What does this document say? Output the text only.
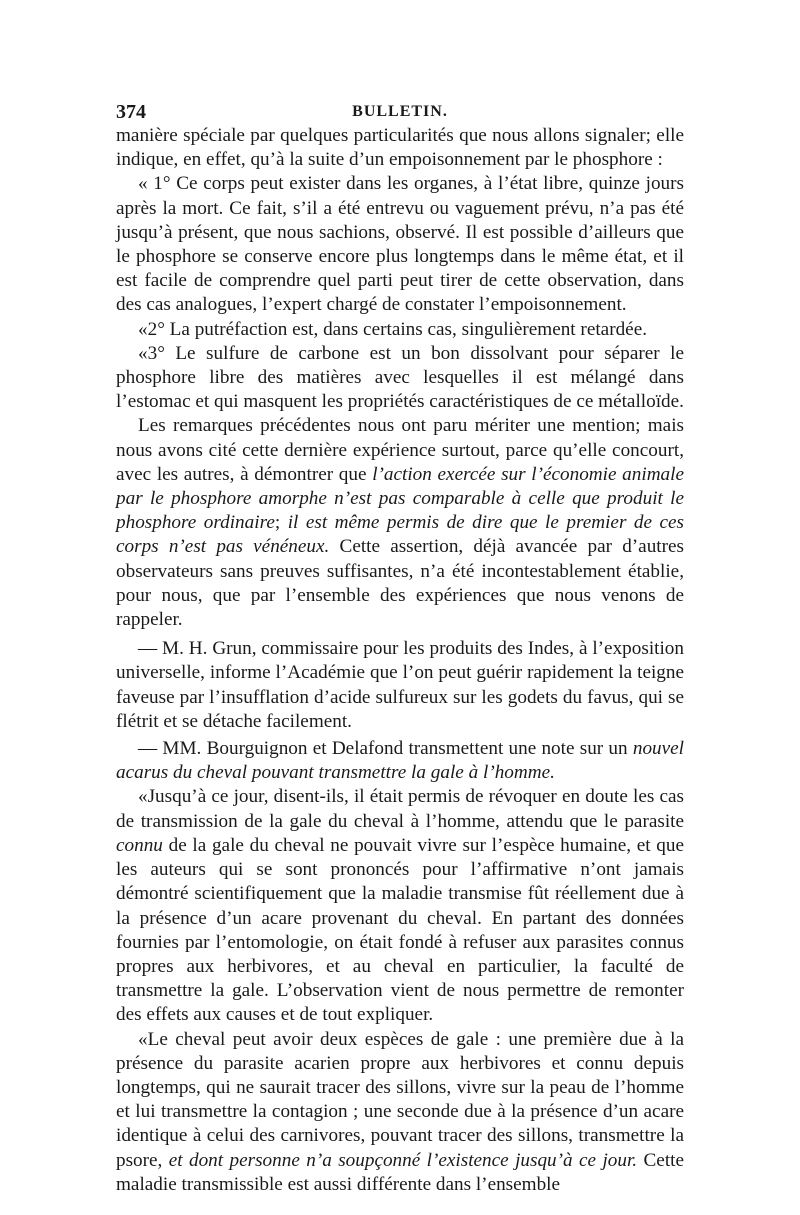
374	BULLETIN.

manière spéciale par quelques particularités que nous allons signaler; elle indique, en effet, qu’à la suite d’un empoisonnement par le phosphore :

« 1° Ce corps peut exister dans les organes, à l’état libre, quinze jours après la mort. Ce fait, s’il a été entrevu ou vaguement prévu, n’a pas été jusqu’à présent, que nous sachions, observé. Il est possible d’ailleurs que le phosphore se conserve encore plus longtemps dans le même état, et il est facile de comprendre quel parti peut tirer de cette observation, dans des cas analogues, l’expert chargé de constater l’empoisonnement.

«2° La putréfaction est, dans certains cas, singulièrement retardée.

«3° Le sulfure de carbone est un bon dissolvant pour séparer le phosphore libre des matières avec lesquelles il est mélangé dans l’estomac et qui masquent les propriétés caractéristiques de ce métalloïde.

Les remarques précédentes nous ont paru mériter une mention; mais nous avons cité cette dernière expérience surtout, parce qu’elle concourt, avec les autres, à démontrer que l’action exercée sur l’économie animale par le phosphore amorphe n’est pas comparable à celle que produit le phosphore ordinaire; il est même permis de dire que le premier de ces corps n’est pas vénéneux. Cette assertion, déjà avancée par d’autres observateurs sans preuves suffisantes, n’a été incontestablement établie, pour nous, que par l’ensemble des expériences que nous venons de rappeler.

— M. H. Grun, commissaire pour les produits des Indes, à l’exposition universelle, informe l’Académie que l’on peut guérir rapidement la teigne faveuse par l’insufflation d’acide sulfureux sur les godets du favus, qui se flétrit et se détache facilement.

— MM. Bourguignon et Delafond transmettent une note sur un nouvel acarus du cheval pouvant transmettre la gale à l’homme.

«Jusqu’à ce jour, disent-ils, il était permis de révoquer en doute les cas de transmission de la gale du cheval à l’homme, attendu que le parasite connu de la gale du cheval ne pouvait vivre sur l’espèce humaine, et que les auteurs qui se sont prononcés pour l’affirmative n’ont jamais démontré scientifiquement que la maladie transmise fût réellement due à la présence d’un acare provenant du cheval. En partant des données fournies par l’entomologie, on était fondé à refuser aux parasites connus propres aux herbivores, et au cheval en particulier, la faculté de transmettre la gale. L’observation vient de nous permettre de remonter des effets aux causes et de tout expliquer.

«Le cheval peut avoir deux espèces de gale : une première due à la présence du parasite acarien propre aux herbivores et connu depuis longtemps, qui ne saurait tracer des sillons, vivre sur la peau de l’homme et lui transmettre la contagion ; une seconde due à la présence d’un acare identique à celui des carnivores, pouvant tracer des sillons, transmettre la psore, et dont personne n’a soupçonné l’existence jusqu’à ce jour. Cette maladie transmissible est aussi différente dans l’ensemble
